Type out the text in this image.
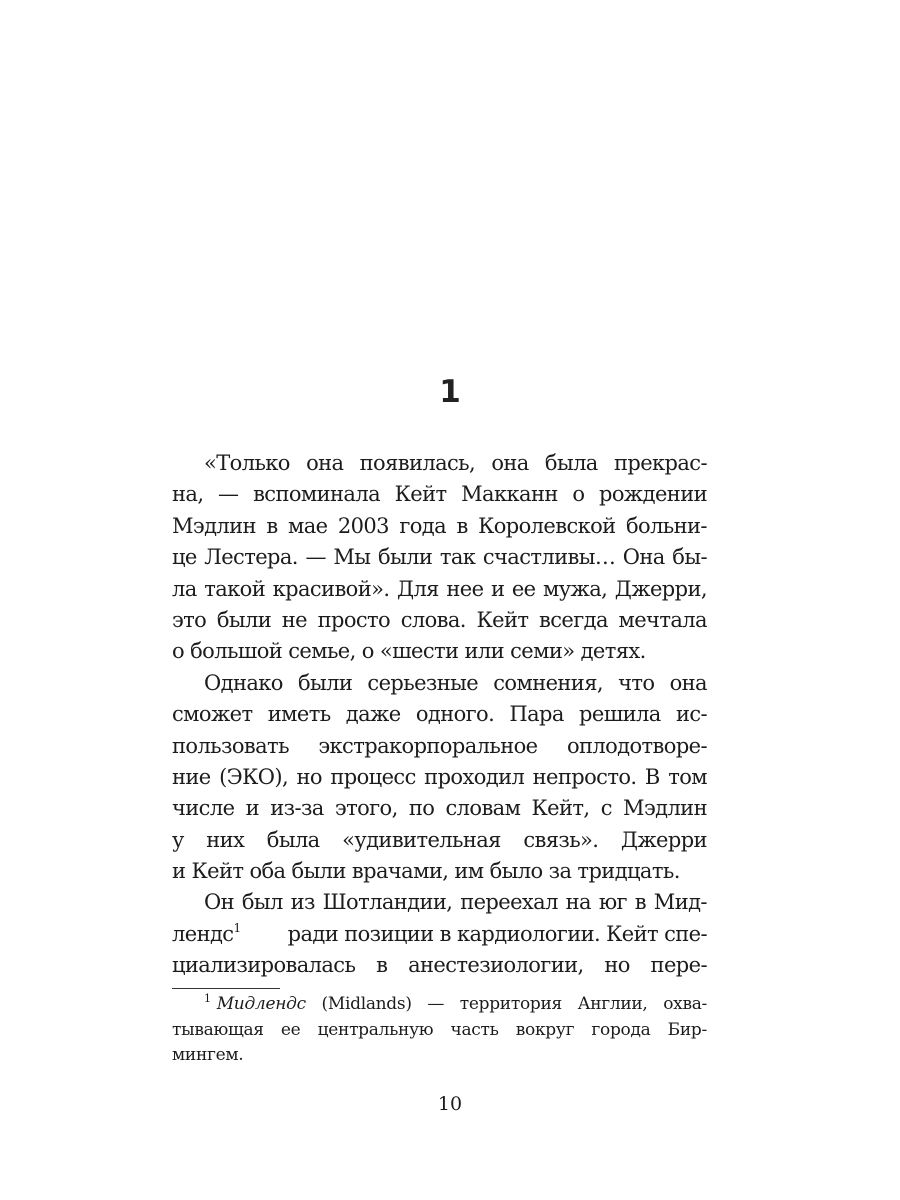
1
«Только она появилась, она была прекрас-
на, — вспоминала Кейт Макканн о рождении
Мэдлин в мае 2003 года в Королевской больни-
це Лестера. — Мы были так счастливы… Она бы-
ла такой красивой». Для нее и ее мужа, Джерри,
это были не просто слова. Кейт всегда мечтала
о большой семье, о «шести или семи» детях.
Однако были серьезные сомнения, что она
сможет иметь даже одного. Пара решила ис-
пользовать экстракорпоральное оплодотворе-
ние (ЭКО), но процесс проходил непросто. В том
числе и из-за этого, по словам Кейт, с Мэдлин
у них была «удивительная связь». Джерри
и Кейт оба были врачами, им было за тридцать.
Он был из Шотландии, переехал на юг в Мид-
лендс$^1$ ради позиции в кардиологии. Кейт спе-
циализировалась в анестезиологии, но пере-
$^1$ Мидлендс (Midlands) — территория Англии, охва-
тывающая ее центральную часть вокруг города Бир-
мингем.
10
